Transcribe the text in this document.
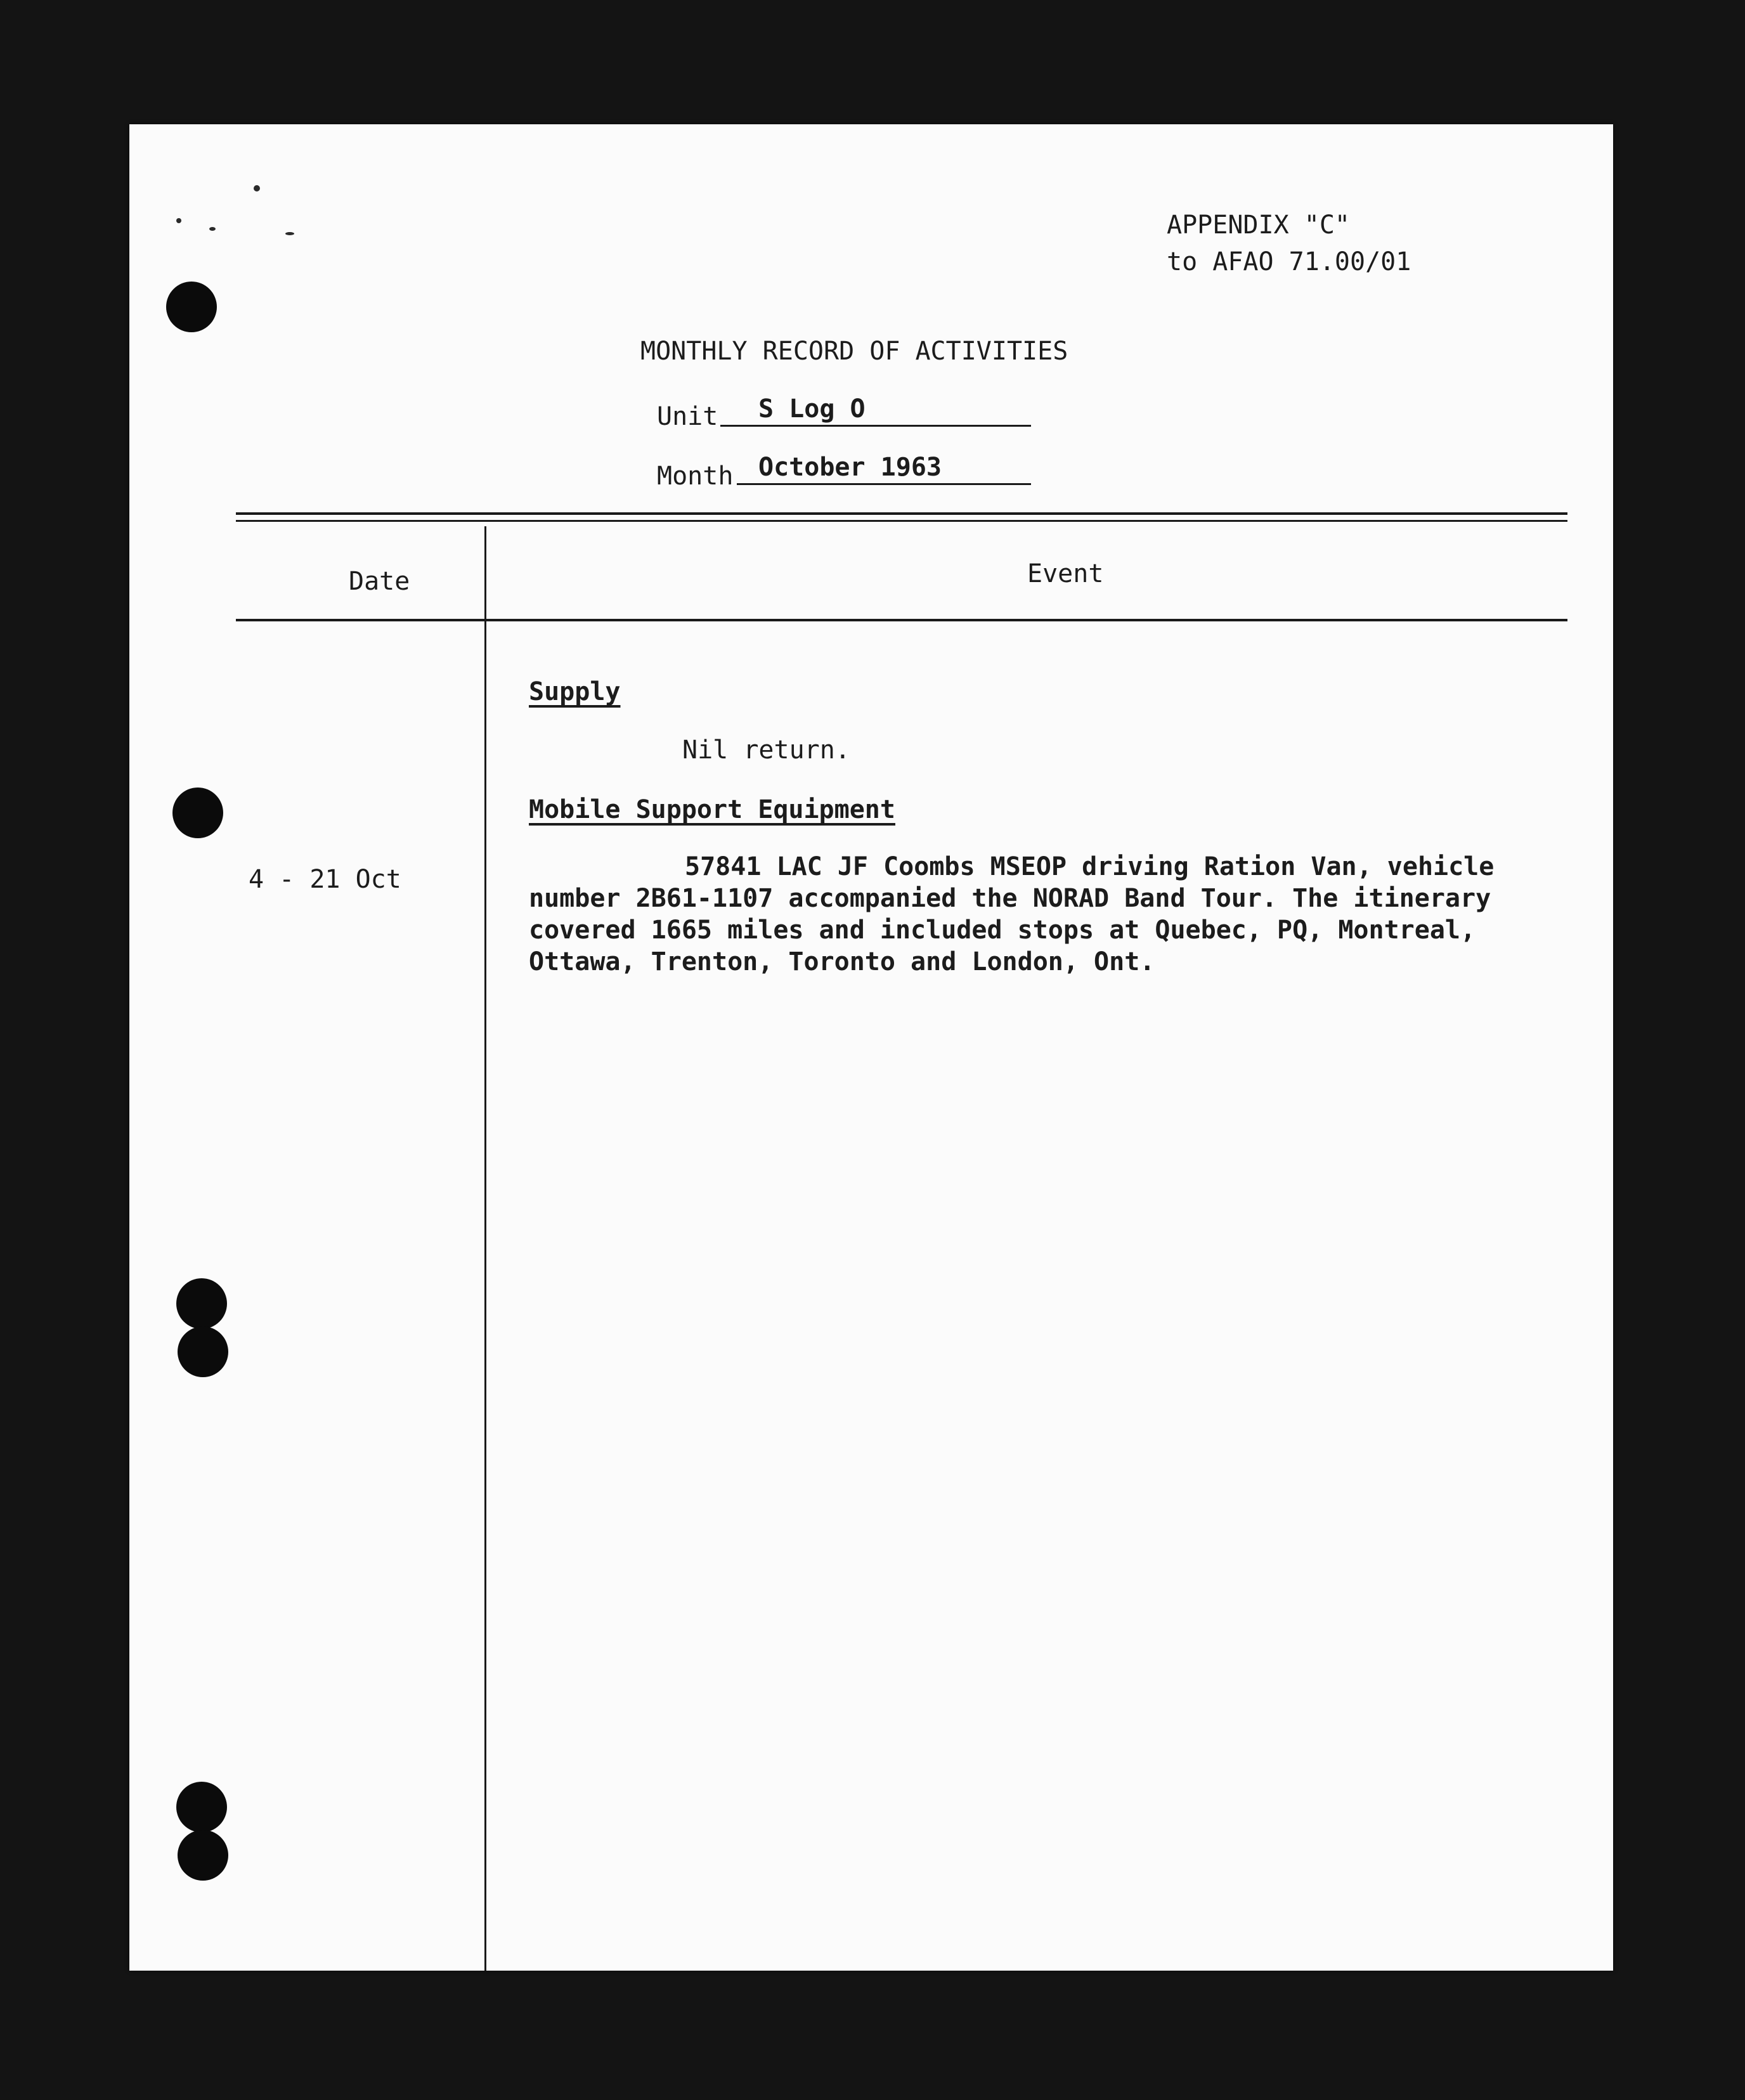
APPENDIX "C"
to AFAO 71.00/01
MONTHLY RECORD OF ACTIVITIES
Unit S Log O
Month October 1963
Date	Event
Supply
Nil return.
Mobile Support Equipment
4 - 21 Oct	57841 LAC JF Coombs MSEOP driving Ration Van, vehicle
number 2B61-1107 accompanied the NORAD Band Tour. The itinerary
covered 1665 miles and included stops at Quebec, PQ, Montreal,
Ottawa, Trenton, Toronto and London, Ont.
